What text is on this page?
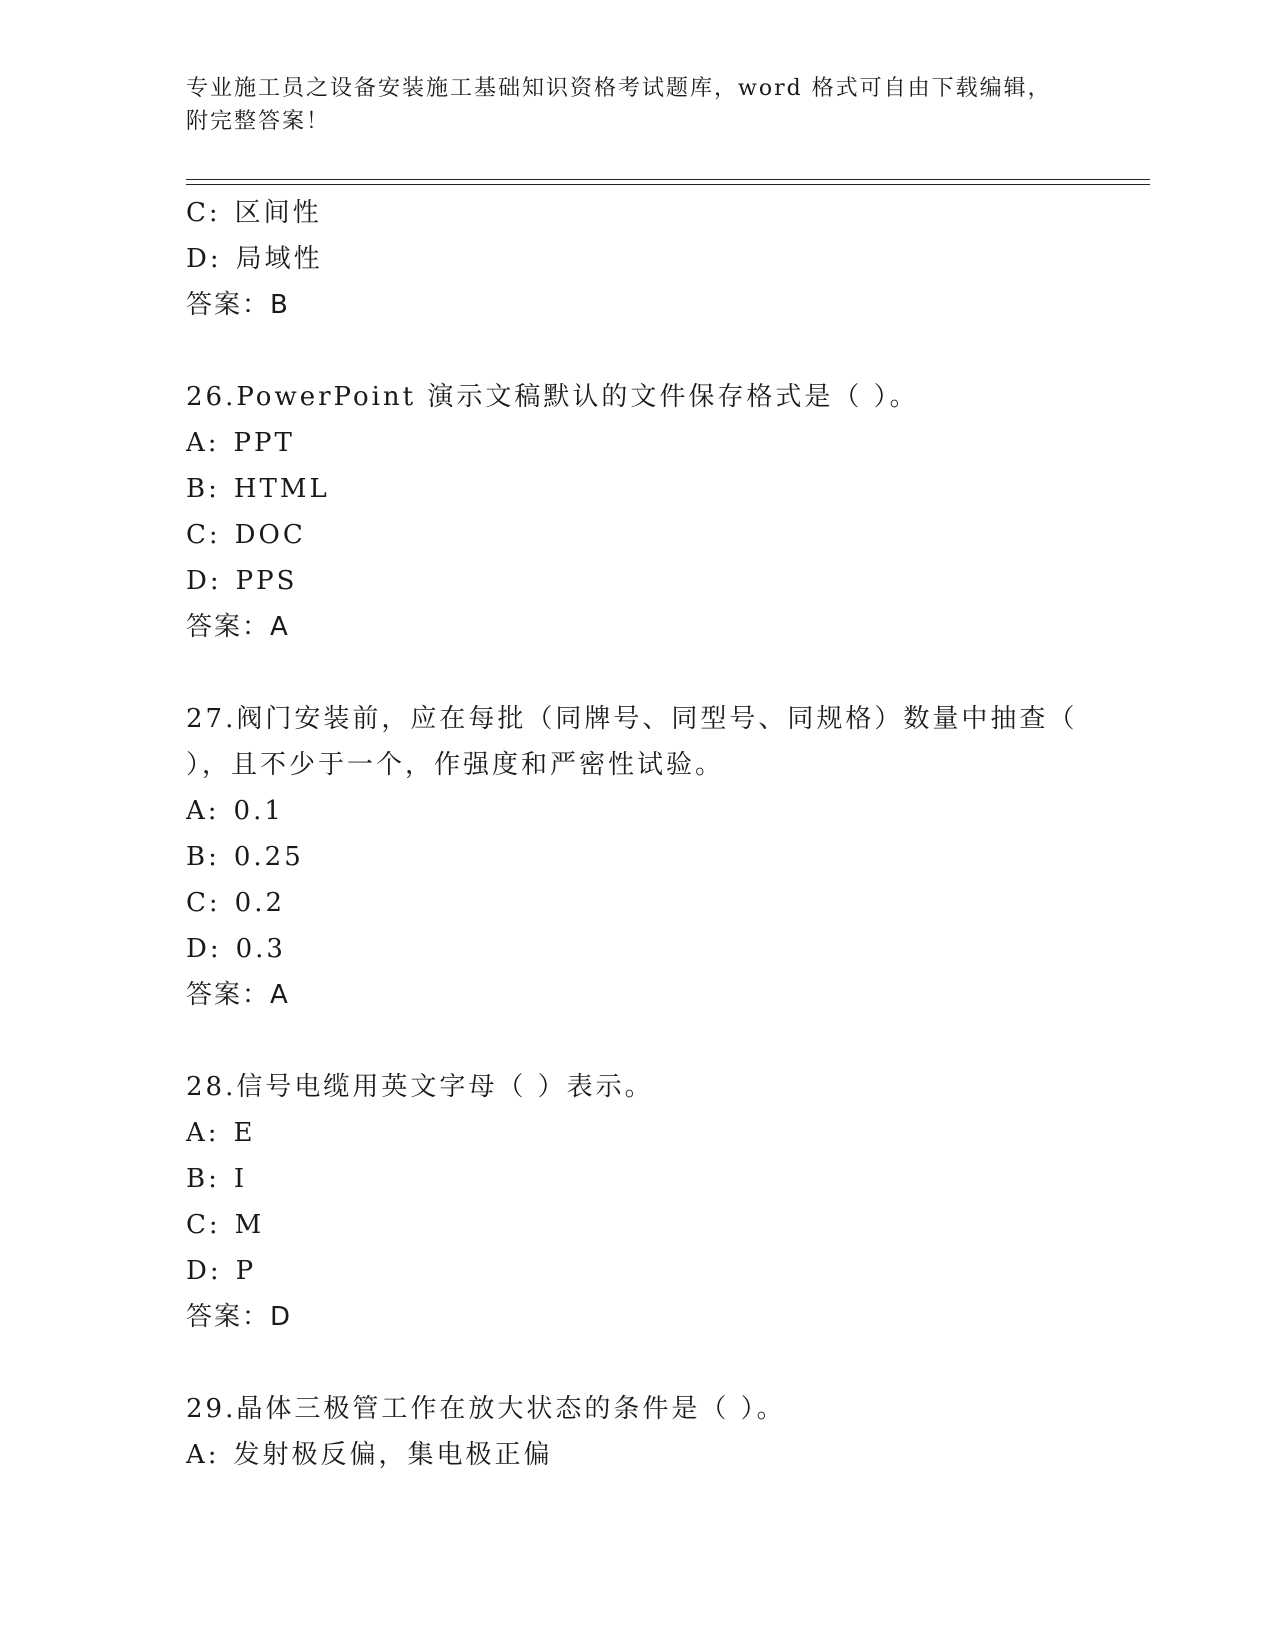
专业施工员之设备安装施工基础知识资格考试题库，word 格式可自由下载编辑，
附完整答案！
C: 区间性
D: 局域性
答案：B
26.PowerPoint 演示文稿默认的文件保存格式是（ ）。
A: PPT
B: HTML
C: DOC
D: PPS
答案：A
27.阀门安装前，应在每批（同牌号、同型号、同规格）数量中抽查（
），且不少于一个，作强度和严密性试验。
A: 0.1
B: 0.25
C: 0.2
D: 0.3
答案：A
28.信号电缆用英文字母（ ）表示。
A: E
B: I
C: M
D: P
答案：D
29.晶体三极管工作在放大状态的条件是（ ）。
A: 发射极反偏，集电极正偏
